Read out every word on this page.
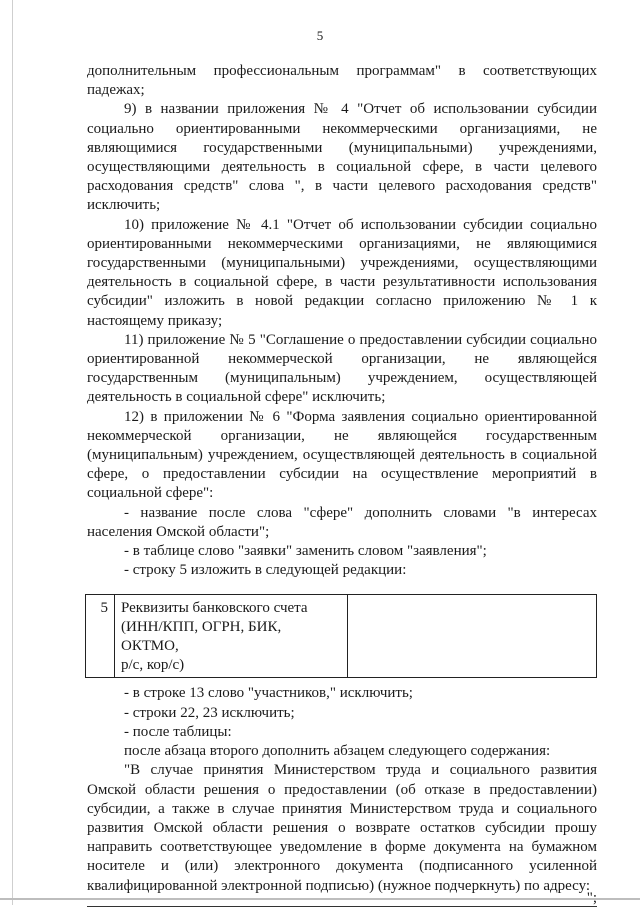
5

дополнительным профессиональным программам" в соответствующих падежах;

9) в названии приложения № 4 "Отчет об использовании субсидии социально ориентированными некоммерческими организациями, не являющимися государственными (муниципальными) учреждениями, осуществляющими деятельность в социальной сфере, в части целевого расходования средств" слова ", в части целевого расходования средств" исключить;

10) приложение № 4.1 "Отчет об использовании субсидии социально ориентированными некоммерческими организациями, не являющимися государственными (муниципальными) учреждениями, осуществляющими деятельность в социальной сфере, в части результативности использования субсидии" изложить в новой редакции согласно приложению № 1 к настоящему приказу;

11) приложение № 5 "Соглашение о предоставлении субсидии социально ориентированной некоммерческой организации, не являющейся государственным (муниципальным) учреждением, осуществляющей деятельность в социальной сфере" исключить;

12) в приложении № 6 "Форма заявления социально ориентированной некоммерческой организации, не являющейся государственным (муниципальным) учреждением, осуществляющей деятельность в социальной сфере, о предоставлении субсидии на осуществление мероприятий в социальной сфере":

- название после слова "сфере" дополнить словами "в интересах населения Омской области";

- в таблице слово "заявки" заменить словом "заявления";

- строку 5 изложить в следующей редакции:

5	Реквизиты банковского счета
(ИНН/КПП, ОГРН, БИК, ОКТМО,
р/с, кор/с)

- в строке 13 слово "участников," исключить;

- строки 22, 23 исключить;

- после таблицы:

после абзаца второго дополнить абзацем следующего содержания:

"В случае принятия Министерством труда и социального развития Омской области решения о предоставлении (об отказе в предоставлении) субсидии, а также в случае принятия Министерством труда и социального развития Омской области решения о возврате остатков субсидии прошу направить соответствующее уведомление в форме документа на бумажном носителе и (или) электронного документа (подписанного усиленной квалифицированной электронной подписью) (нужное подчеркнуть) по адресу:

";
